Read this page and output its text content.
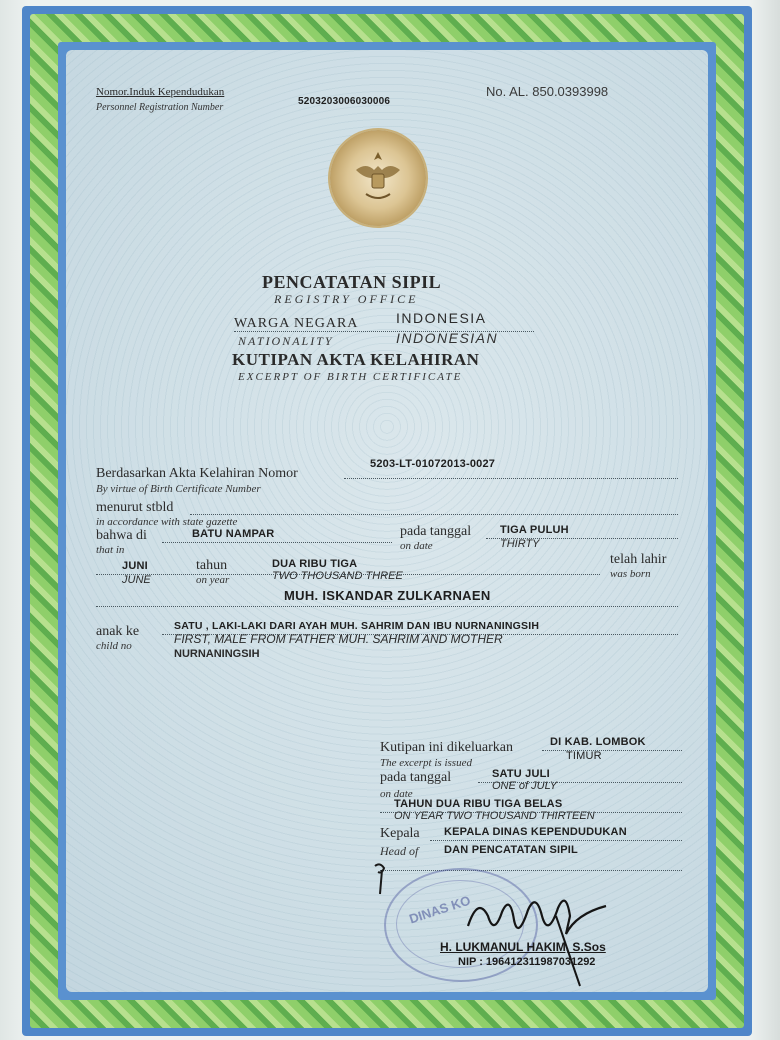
Nomor.Induk Kependudukan
Personnel Registration Number
5203203006030006
No. AL. 850.0393998
PENCATATAN SIPIL
REGISTRY OFFICE
WARGA NEGARA	INDONESIA
NATIONALITY	INDONESIAN
KUTIPAN AKTA KELAHIRAN
EXCERPT OF BIRTH CERTIFICATE
Berdasarkan Akta Kelahiran Nomor
By virtue of Birth Certificate Number
5203-LT-01072013-0027
menurut stbld
in accordance with state gazette
bahwa di
that in
BATU NAMPAR	pada tanggal
on date
TIGA PULUH
THIRTY
JUNI
JUNE
tahun
on year
DUA RIBU TIGA
TWO THOUSAND THREE
telah lahir
was born
MUH. ISKANDAR ZULKARNAEN
anak ke
child no
SATU , LAKI-LAKI DARI AYAH MUH. SAHRIM DAN IBU NURNANINGSIH
FIRST, MALE FROM FATHER MUH. SAHRIM AND MOTHER
NURNANINGSIH
Kutipan ini dikeluarkan
The excerpt is issued
DI KAB. LOMBOK
TIMUR
pada tanggal
on date
SATU JULI
ONE of JULY
TAHUN DUA RIBU TIGA BELAS
ON YEAR TWO THOUSAND THIRTEEN
Kepala
Head of
KEPALA DINAS KEPENDUDUKAN
DAN PENCATATAN SIPIL
DINAS KO
H. LUKMANUL HAKIM, S.Sos
NIP : 196412311987031292
